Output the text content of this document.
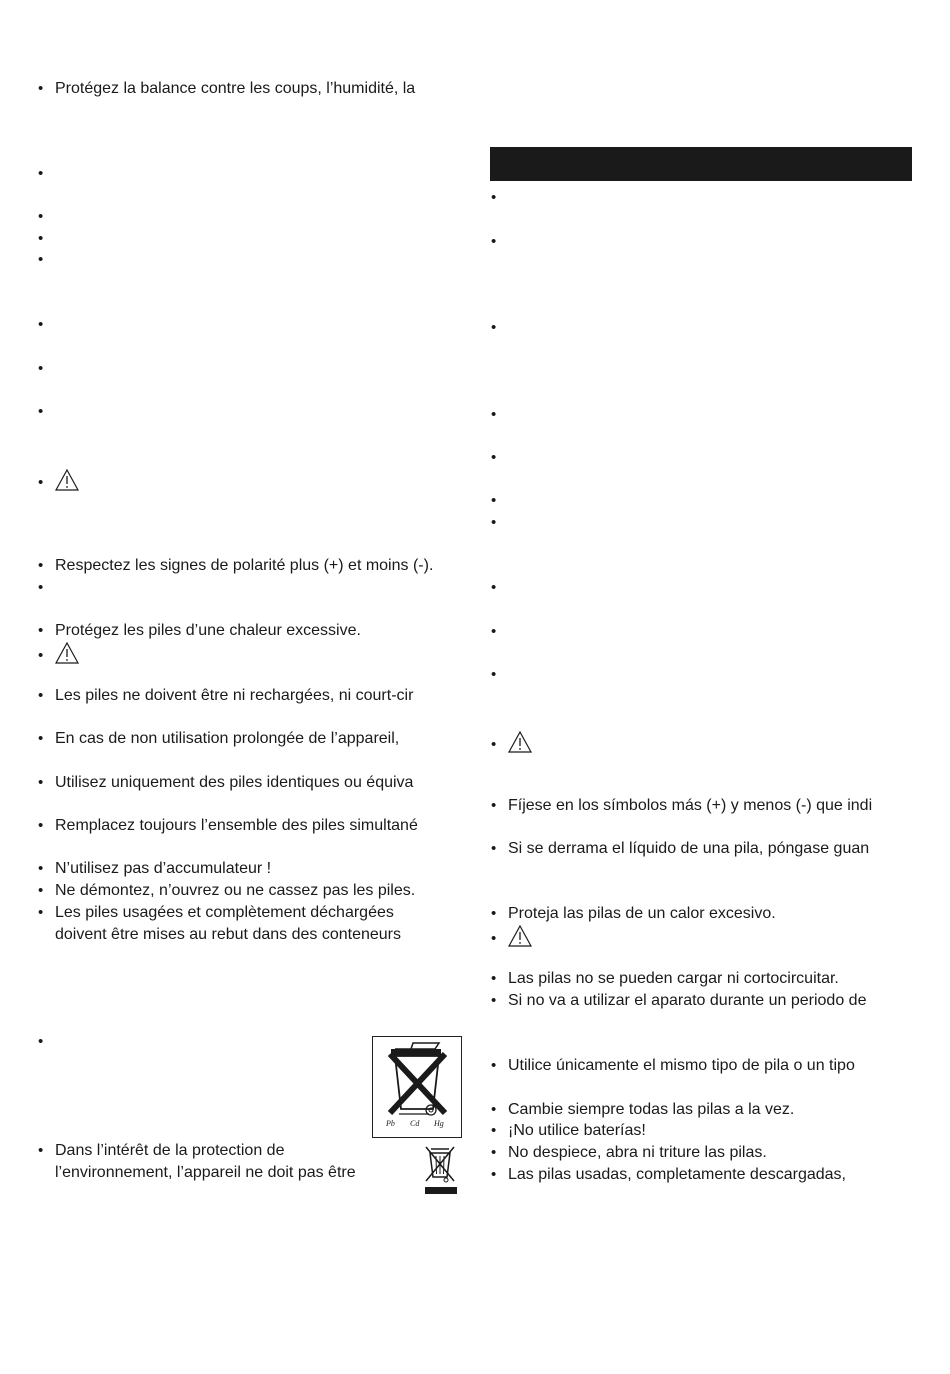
• Protégez la balance contre les coups, l’humidité, la
•
•
•
•
•
•
•
•
• Respectez les signes de polarité plus (+) et moins (-).
•
• Protégez les piles d’une chaleur excessive.
•
• Les piles ne doivent être ni rechargées, ni court-cir
• En cas de non utilisation prolongée de l’appareil,
• Utilisez uniquement des piles identiques ou équiva
• Remplacez toujours l’ensemble des piles simultané
• N’utilisez pas d’accumulateur !
• Ne démontez, n’ouvrez ou ne cassez pas les piles.
• Les piles usagées et complètement déchargées
doivent être mises au rebut dans des conteneurs
•
Pb Cd Hg
• Dans l’intérêt de la protection de
l’environnement, l’appareil ne doit pas être
•
•
•
•
•
•
•
•
•
•
•
• Fíjese en los símbolos más (+) y menos (-) que indi
• Si se derrama el líquido de una pila, póngase guan
• Proteja las pilas de un calor excesivo.
•
• Las pilas no se pueden cargar ni cortocircuitar.
• Si no va a utilizar el aparato durante un periodo de
• Utilice únicamente el mismo tipo de pila o un tipo
• Cambie siempre todas las pilas a la vez.
• ¡No utilice baterías!
• No despiece, abra ni triture las pilas.
• Las pilas usadas, completamente descargadas,
